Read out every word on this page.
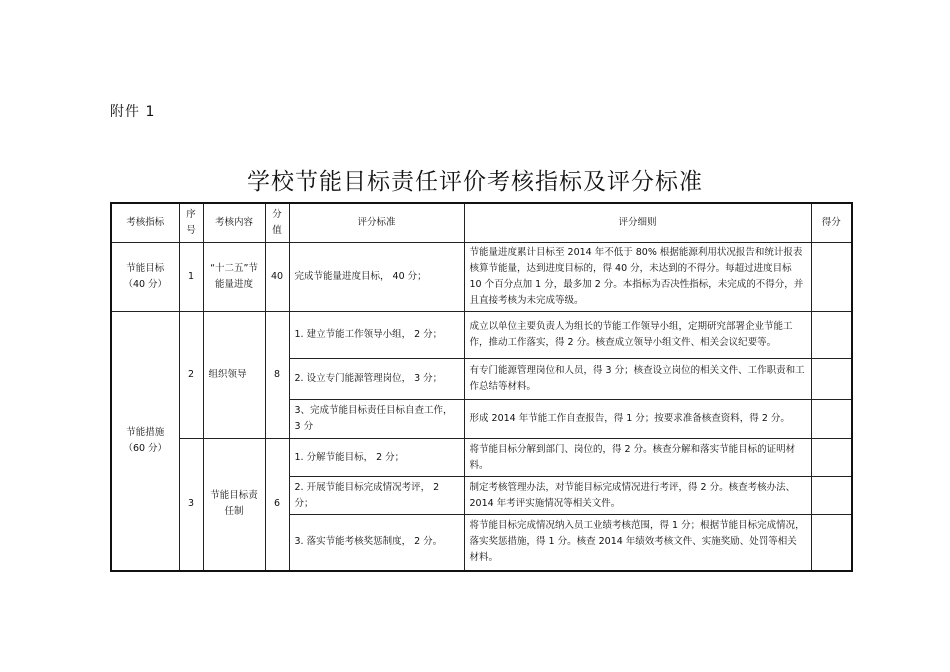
附件 1
学校节能目标责任评价考核指标及评分标准
考核指标	序号	考核内容	分值	评分标准	评分细则	得分
节能目标（40 分）	1	“十二五”节能量进度	40	完成节能量进度目标， 40 分；	节能量进度累计目标至 2014 年不低于 80% 根据能源利用状况报告和统计报表核算节能量，达到进度目标的，得 40 分，未达到的不得分。每超过进度目标 10 个百分点加 1 分，最多加 2 分。本指标为否决性指标，未完成的不得分，并且直接考核为未完成等级。	
节能措施（60 分）	2	组织领导	8	1. 建立节能工作领导小组， 2 分；	成立以单位主要负责人为组长的节能工作领导小组，定期研究部署企业节能工作，推动工作落实，得 2 分。核查成立领导小组文件、相关会议纪要等。	
				2. 设立专门能源管理岗位， 3 分；	有专门能源管理岗位和人员，得 3 分；核查设立岗位的相关文件、工作职责和工作总结等材料。	
				3、完成节能目标责任目标自查工作， 3 分	形成 2014 年节能工作自查报告，得 1 分；按要求准备核查资料，得 2 分。	
	3	节能目标责任制	6	1. 分解节能目标， 2 分；	将节能目标分解到部门、岗位的，得 2 分。核查分解和落实节能目标的证明材料。	
				2. 开展节能目标完成情况考评， 2 分；	制定考核管理办法，对节能目标完成情况进行考评，得 2 分。核查考核办法、 2014 年考评实施情况等相关文件。	
				3. 落实节能考核奖惩制度， 2 分。	将节能目标完成情况纳入员工业绩考核范围，得 1 分；根据节能目标完成情况，落实奖惩措施，得 1 分。核查 2014 年绩效考核文件、实施奖励、处罚等相关材料。	
